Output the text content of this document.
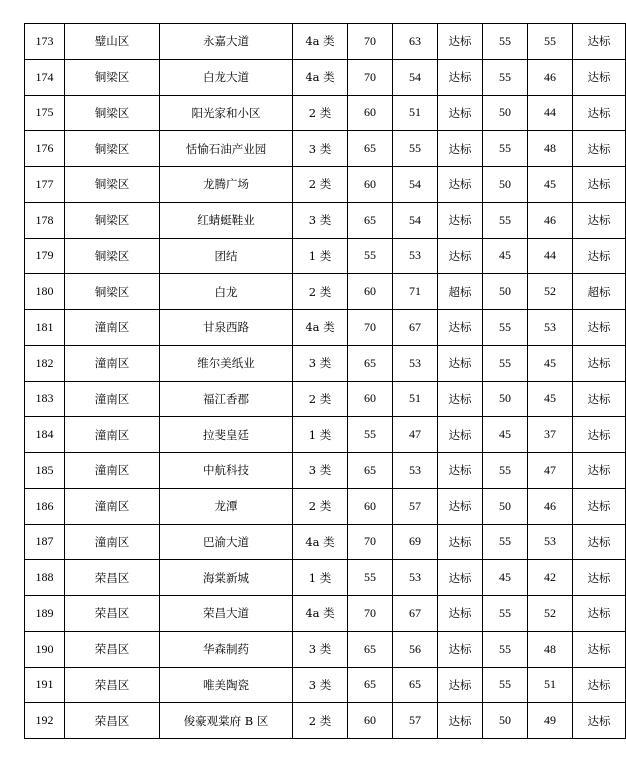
173	璧山区	永嘉大道	4a 类	70	63	达标	55	55	达标
174	铜梁区	白龙大道	4a 类	70	54	达标	55	46	达标
175	铜梁区	阳光家和小区	2 类	60	51	达标	50	44	达标
176	铜梁区	恬愉石油产业园	3 类	65	55	达标	55	48	达标
177	铜梁区	龙腾广场	2 类	60	54	达标	50	45	达标
178	铜梁区	红蜻蜓鞋业	3 类	65	54	达标	55	46	达标
179	铜梁区	团结	1 类	55	53	达标	45	44	达标
180	铜梁区	白龙	2 类	60	71	超标	50	52	超标
181	潼南区	甘泉西路	4a 类	70	67	达标	55	53	达标
182	潼南区	维尔美纸业	3 类	65	53	达标	55	45	达标
183	潼南区	福江香郡	2 类	60	51	达标	50	45	达标
184	潼南区	拉斐皇廷	1 类	55	47	达标	45	37	达标
185	潼南区	中航科技	3 类	65	53	达标	55	47	达标
186	潼南区	龙潭	2 类	60	57	达标	50	46	达标
187	潼南区	巴渝大道	4a 类	70	69	达标	55	53	达标
188	荣昌区	海棠新城	1 类	55	53	达标	45	42	达标
189	荣昌区	荣昌大道	4a 类	70	67	达标	55	52	达标
190	荣昌区	华森制药	3 类	65	56	达标	55	48	达标
191	荣昌区	唯美陶瓷	3 类	65	65	达标	55	51	达标
192	荣昌区	俊豪观棠府 B 区	2 类	60	57	达标	50	49	达标
